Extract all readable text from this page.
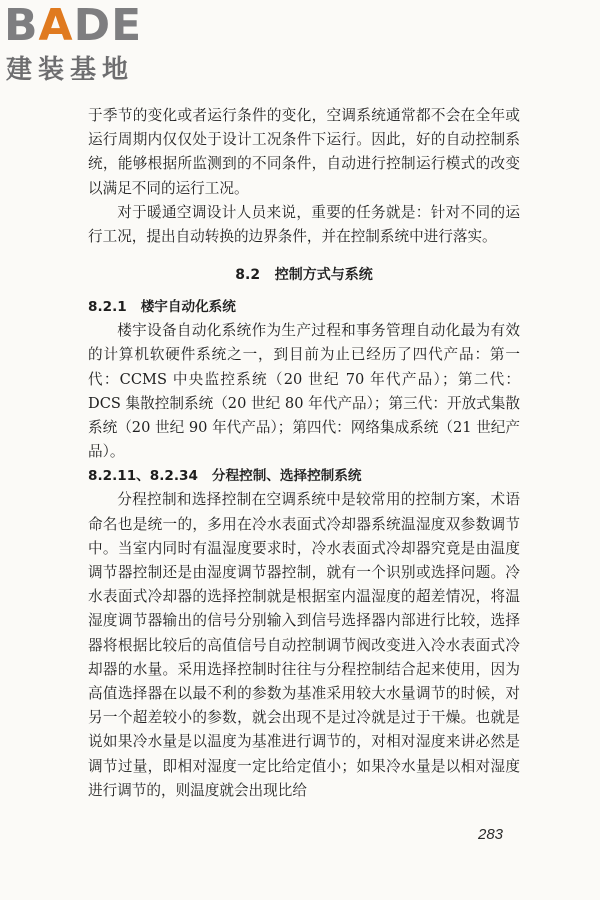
BADE
建装基地

于季节的变化或者运行条件的变化，空调系统通常都不会在全年或运行周期内仅仅处于设计工况条件下运行。因此，好的自动控制系统，能够根据所监测到的不同条件，自动进行控制运行模式的改变以满足不同的运行工况。

对于暖通空调设计人员来说，重要的任务就是：针对不同的运行工况，提出自动转换的边界条件，并在控制系统中进行落实。

8.2 控制方式与系统
8.2.1 楼宇自动化系统

楼宇设备自动化系统作为生产过程和事务管理自动化最为有效的计算机软硬件系统之一，到目前为止已经历了四代产品：第一代：CCMS 中央监控系统（20 世纪 70 年代产品）；第二代：DCS 集散控制系统（20 世纪 80 年代产品）；第三代：开放式集散系统（20 世纪 90 年代产品）；第四代：网络集成系统（21 世纪产品）。

8.2.11、8.2.34 分程控制、选择控制系统

分程控制和选择控制在空调系统中是较常用的控制方案，术语命名也是统一的，多用在冷水表面式冷却器系统温湿度双参数调节中。当室内同时有温湿度要求时，冷水表面式冷却器究竟是由温度调节器控制还是由湿度调节器控制，就有一个识别或选择问题。冷水表面式冷却器的选择控制就是根据室内温湿度的超差情况，将温湿度调节器输出的信号分别输入到信号选择器内部进行比较，选择器将根据比较后的高值信号自动控制调节阀改变进入冷水表面式冷却器的水量。采用选择控制时往往与分程控制结合起来使用，因为高值选择器在以最不利的参数为基准采用较大水量调节的时候，对另一个超差较小的参数，就会出现不是过冷就是过于干燥。也就是说如果冷水量是以温度为基准进行调节的，对相对湿度来讲必然是调节过量，即相对湿度一定比给定值小；如果冷水量是以相对湿度进行调节的，则温度就会出现比给

283
